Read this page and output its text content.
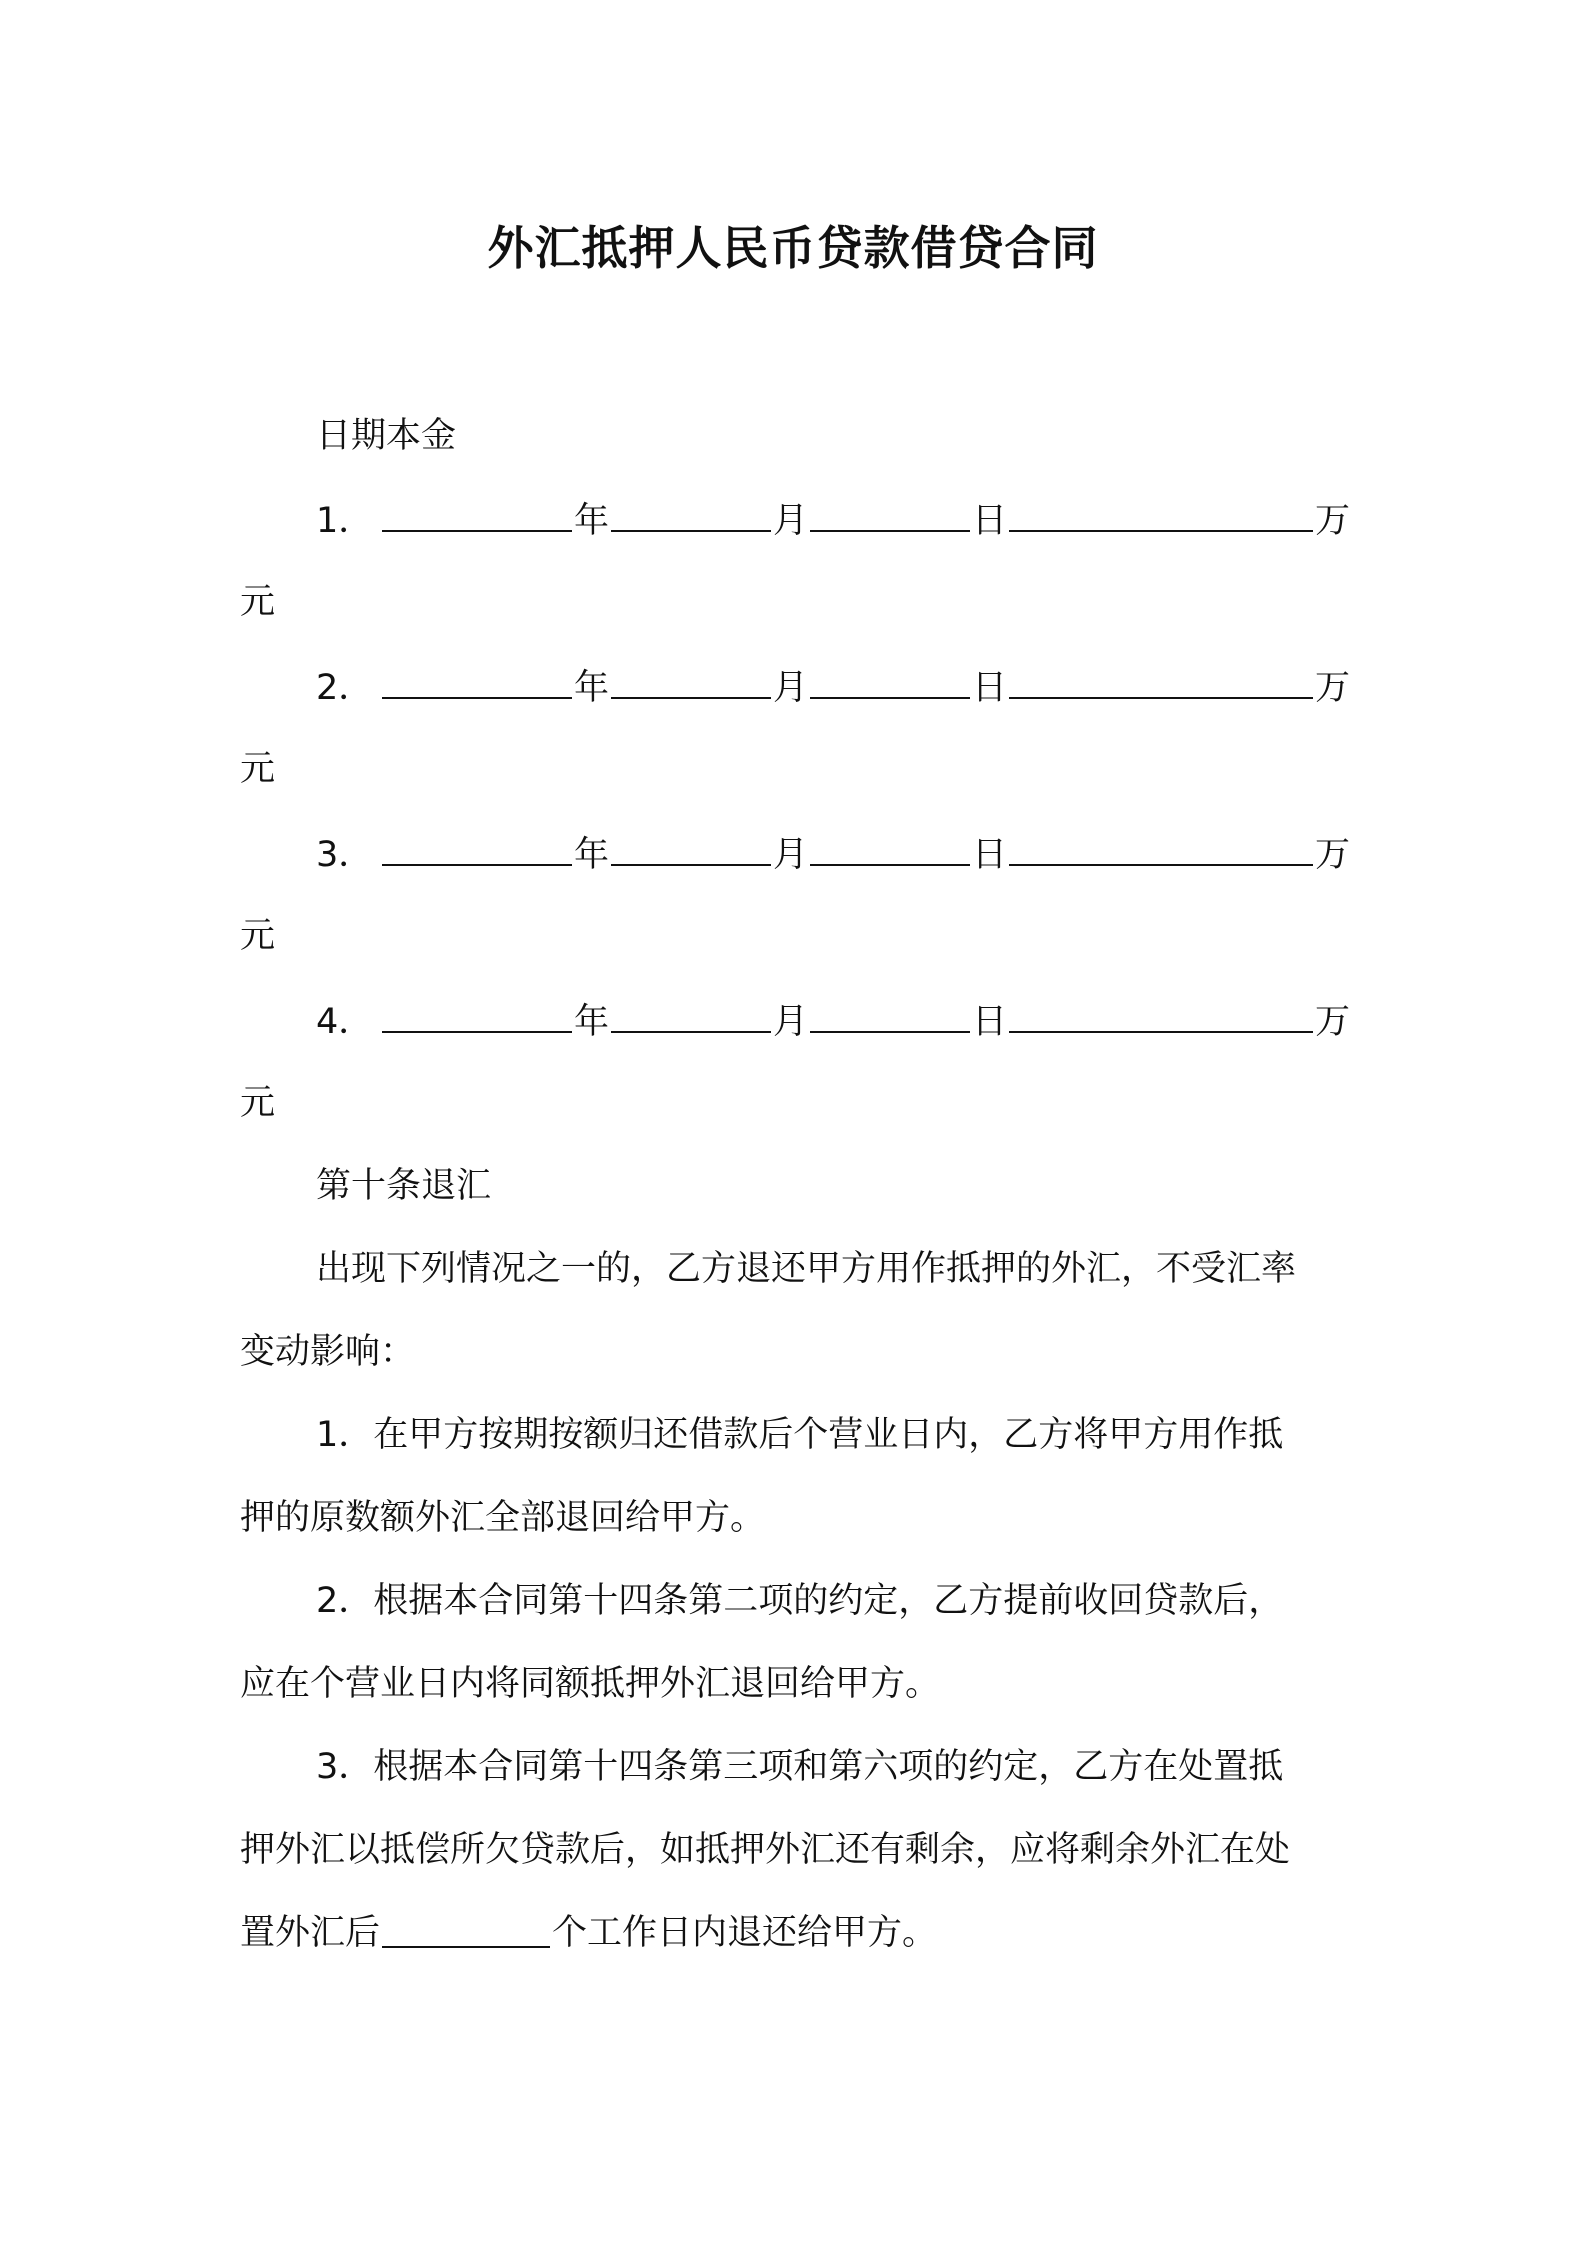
外汇抵押人民币贷款借贷合同
日期本金
1．	年	月	日	万
元
2．	年	月	日	万
元
3．	年	月	日	万
元
4．	年	月	日	万
元
第十条退汇
出现下列情况之一的，乙方退还甲方用作抵押的外汇，不受汇率
变动影响：
1．在甲方按期按额归还借款后个营业日内，乙方将甲方用作抵
押的原数额外汇全部退回给甲方。
2．根据本合同第十四条第二项的约定，乙方提前收回贷款后，
应在个营业日内将同额抵押外汇退回给甲方。
3．根据本合同第十四条第三项和第六项的约定，乙方在处置抵
押外汇以抵偿所欠贷款后，如抵押外汇还有剩余，应将剩余外汇在处
置外汇后	个工作日内退还给甲方。
